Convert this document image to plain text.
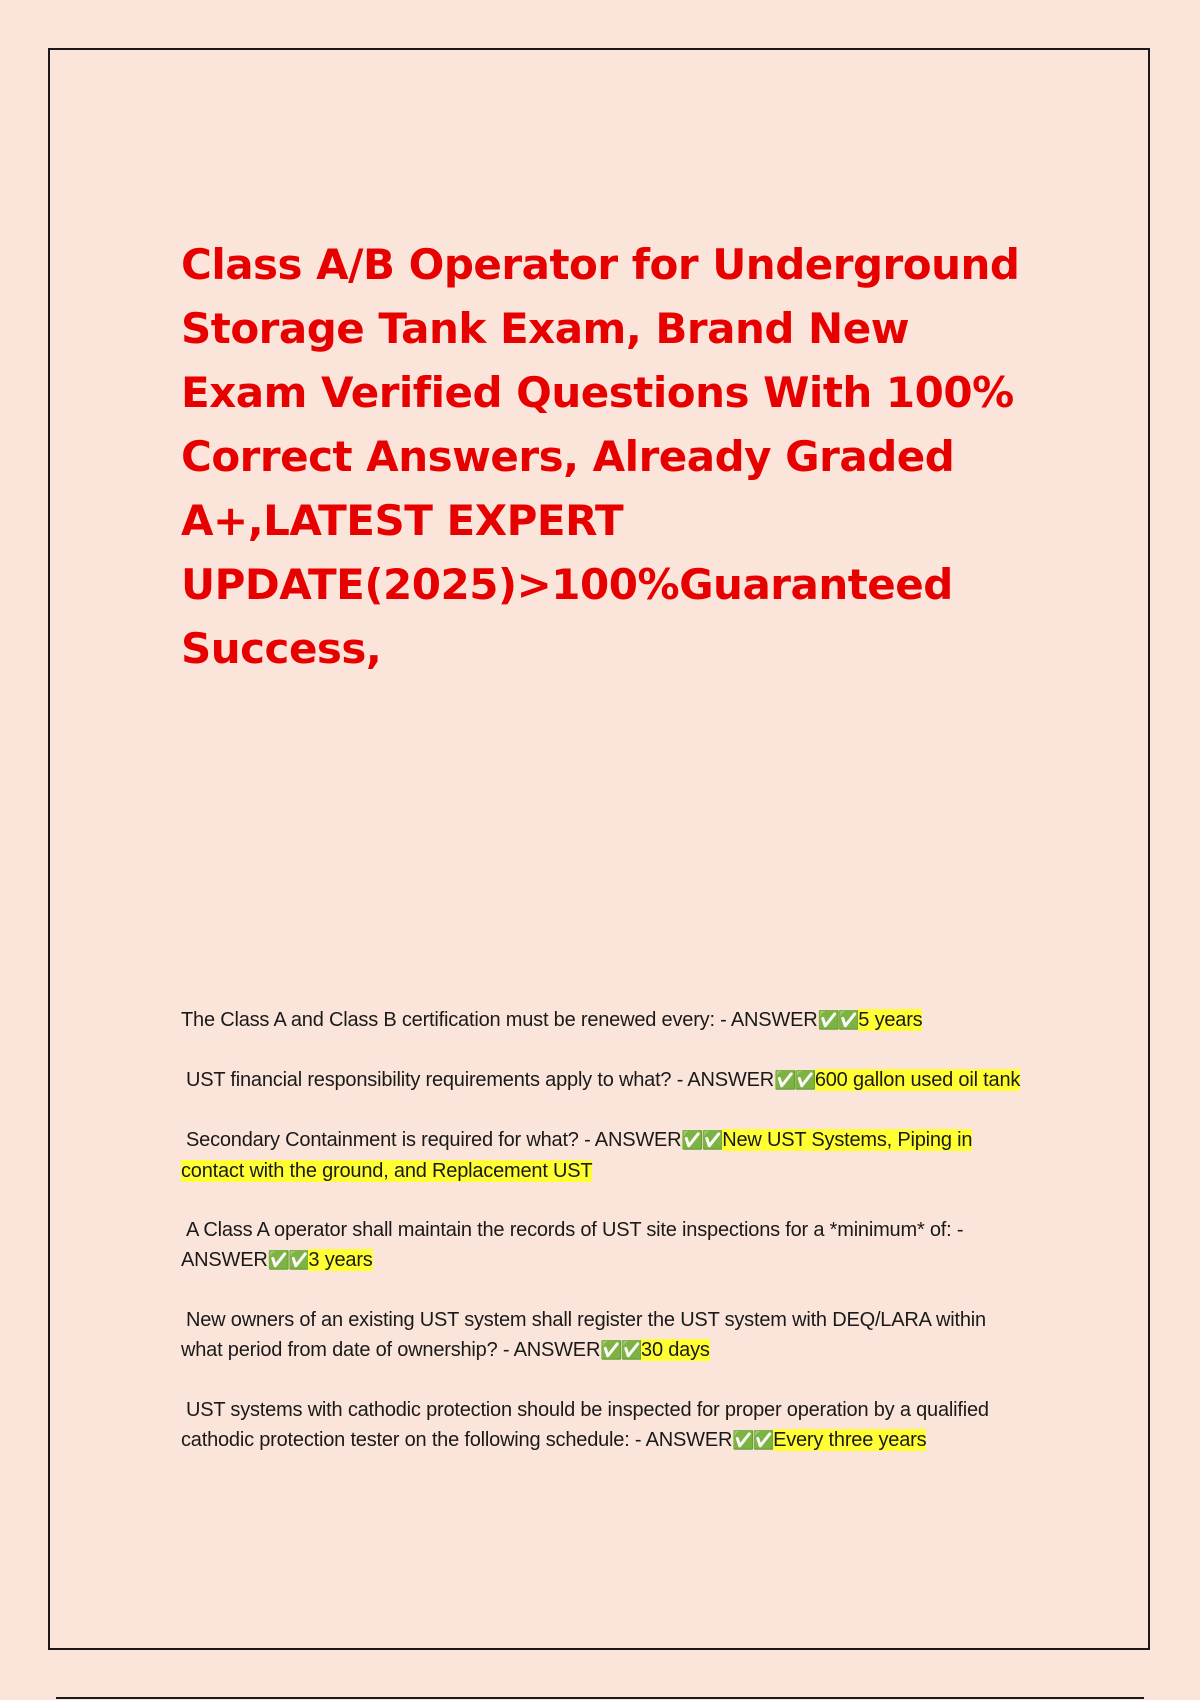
Class A/B Operator for Underground Storage Tank Exam, Brand New Exam Verified Questions With 100% Correct Answers, Already Graded A+,LATEST EXPERT UPDATE(2025)>100%Guaranteed Success,
The Class A and Class B certification must be renewed every: - ANSWER✅✅5 years
UST financial responsibility requirements apply to what? - ANSWER✅✅600 gallon used oil tank
Secondary Containment is required for what? - ANSWER✅✅New UST Systems, Piping in contact with the ground, and Replacement UST
A Class A operator shall maintain the records of UST site inspections for a *minimum* of: - ANSWER✅✅3 years
New owners of an existing UST system shall register the UST system with DEQ/LARA within what period from date of ownership? - ANSWER✅✅30 days
UST systems with cathodic protection should be inspected for proper operation by a qualified cathodic protection tester on the following schedule: - ANSWER✅✅Every three years
